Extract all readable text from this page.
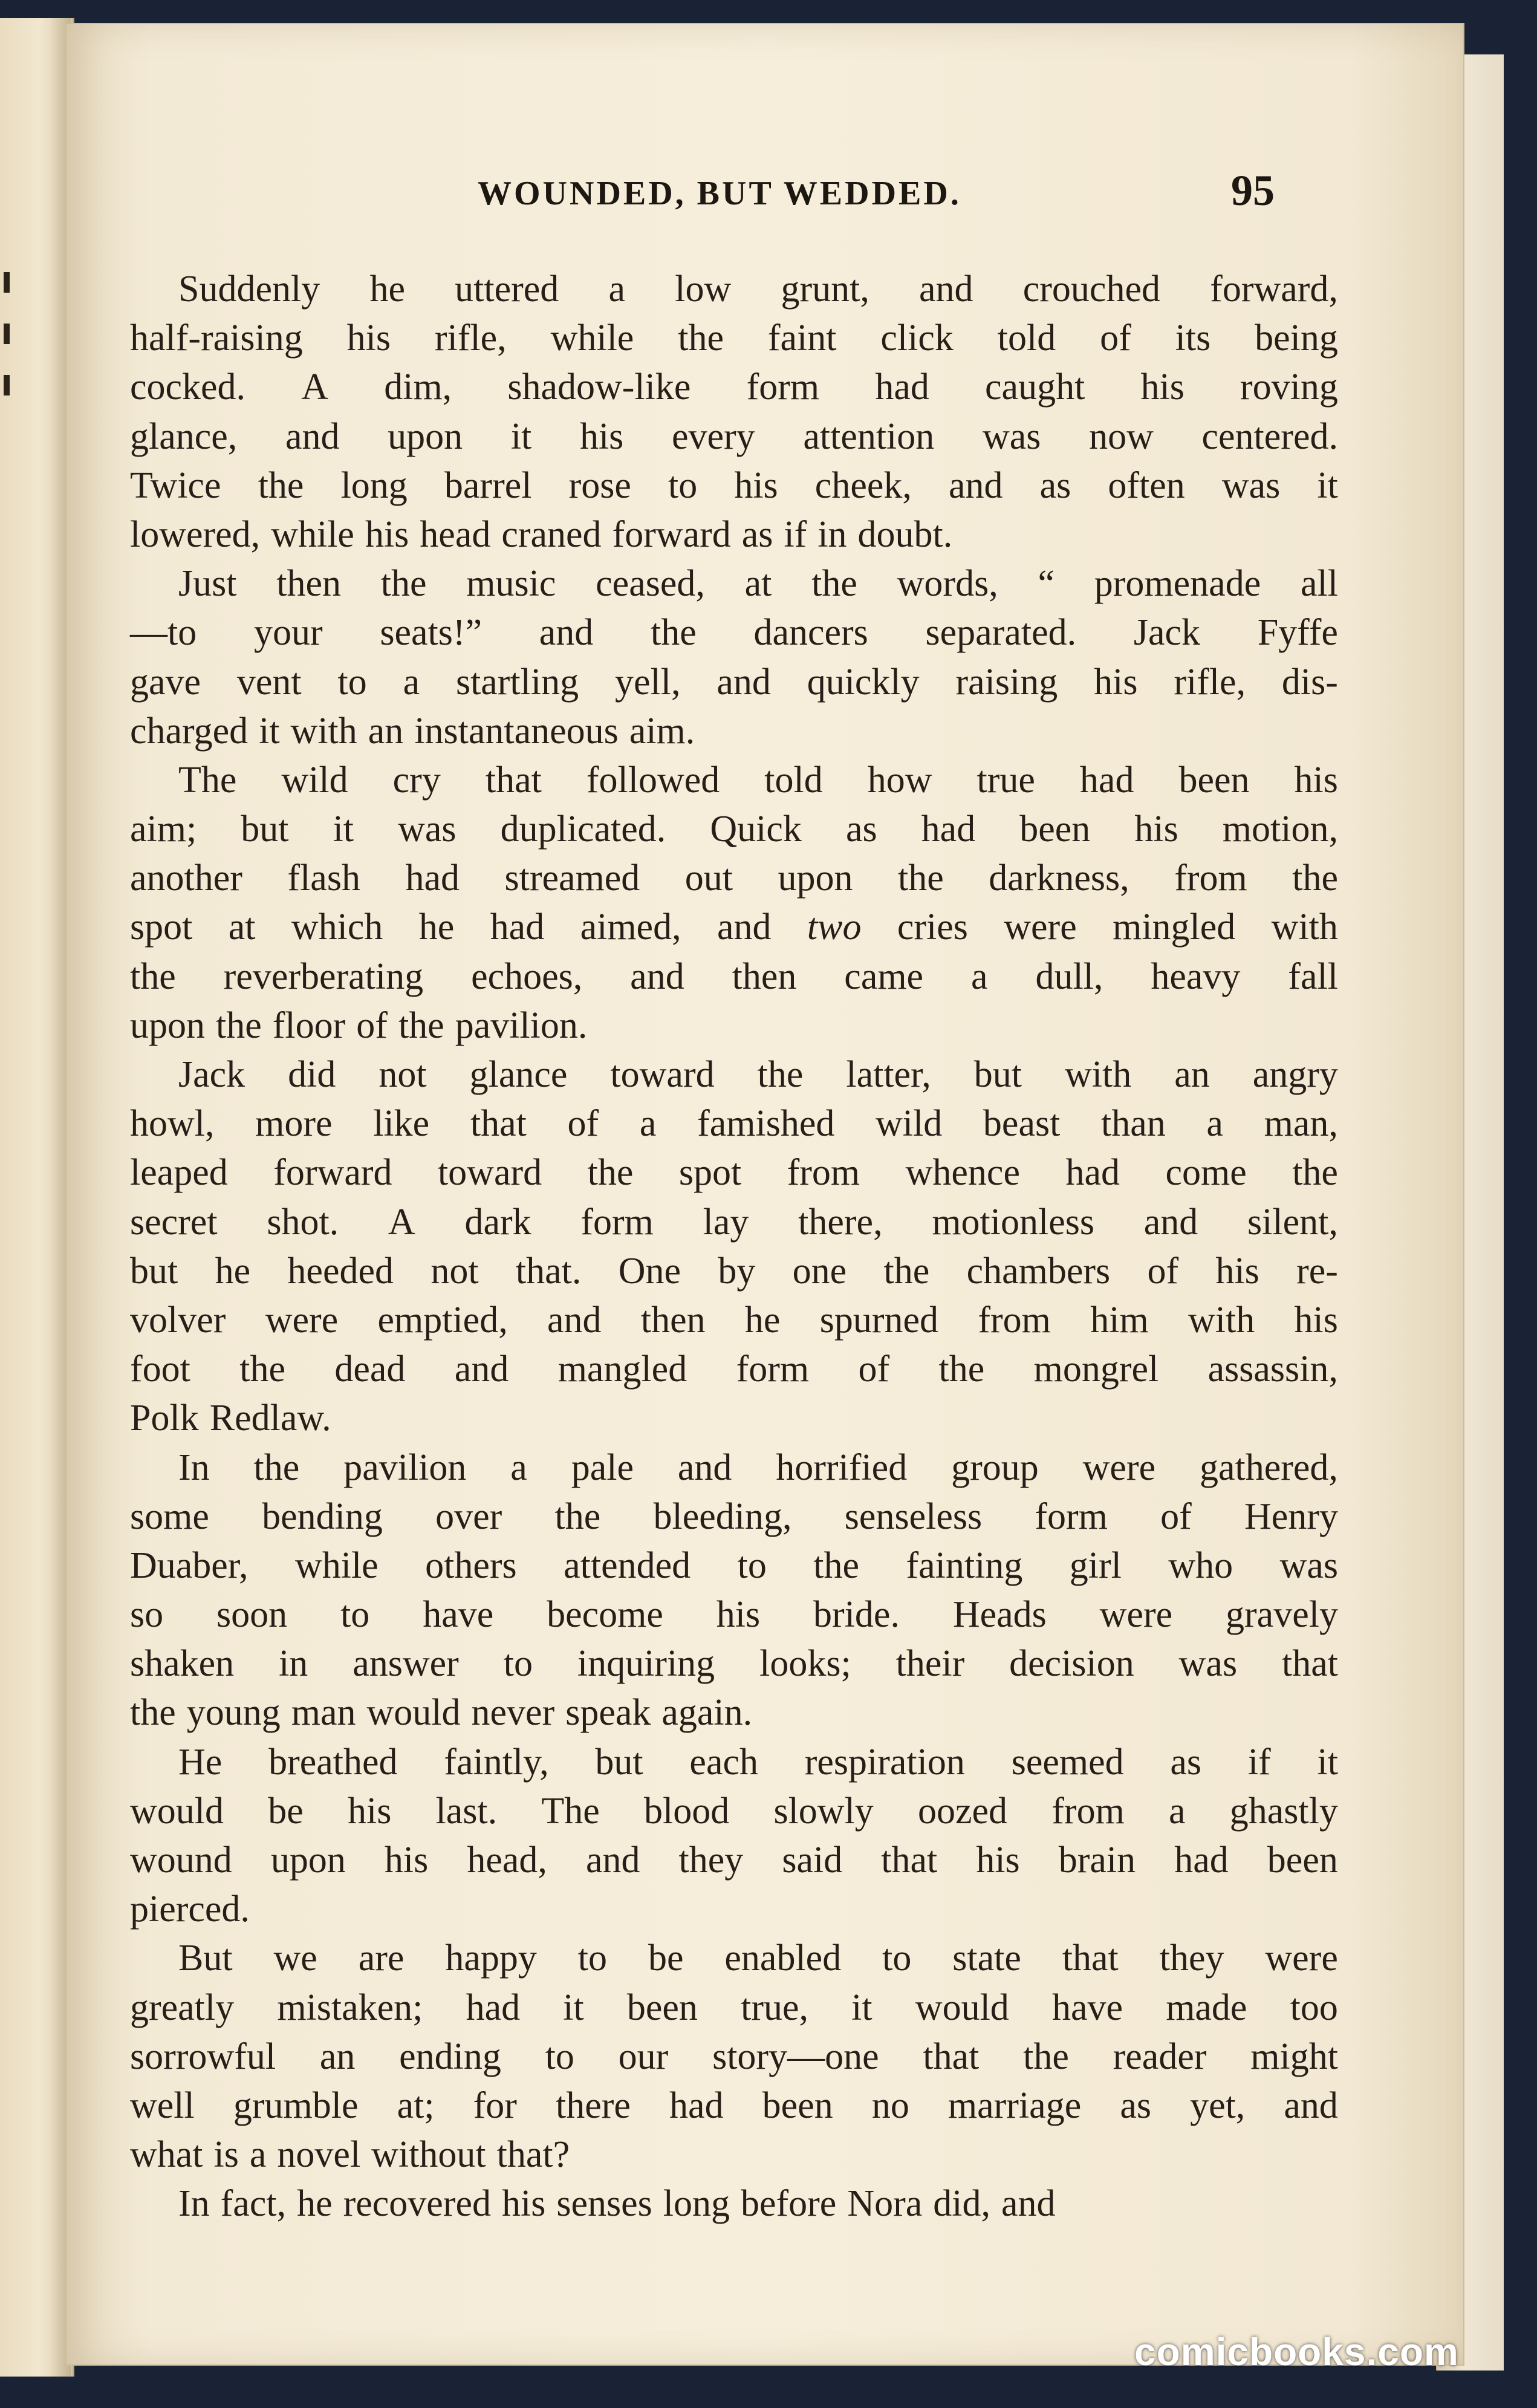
WOUNDED, BUT WEDDED.	95
Suddenly he uttered a low grunt, and crouched forward,
half-raising his rifle, while the faint click told of its being
cocked. A dim, shadow-like form had caught his roving
glance, and upon it his every attention was now centered.
Twice the long barrel rose to his cheek, and as often was it
lowered, while his head craned forward as if in doubt.
Just then the music ceased, at the words, “ promenade all
—to your seats!” and the dancers separated. Jack Fyffe
gave vent to a startling yell, and quickly raising his rifle, dis-
charged it with an instantaneous aim.
The wild cry that followed told how true had been his
aim; but it was duplicated. Quick as had been his motion,
another flash had streamed out upon the darkness, from the
spot at which he had aimed, and two cries were mingled with
the reverberating echoes, and then came a dull, heavy fall
upon the floor of the pavilion.
Jack did not glance toward the latter, but with an angry
howl, more like that of a famished wild beast than a man,
leaped forward toward the spot from whence had come the
secret shot. A dark form lay there, motionless and silent,
but he heeded not that. One by one the chambers of his re-
volver were emptied, and then he spurned from him with his
foot the dead and mangled form of the mongrel assassin,
Polk Redlaw.
In the pavilion a pale and horrified group were gathered,
some bending over the bleeding, senseless form of Henry
Duaber, while others attended to the fainting girl who was
so soon to have become his bride. Heads were gravely
shaken in answer to inquiring looks; their decision was that
the young man would never speak again.
He breathed faintly, but each respiration seemed as if it
would be his last. The blood slowly oozed from a ghastly
wound upon his head, and they said that his brain had been
pierced.
But we are happy to be enabled to state that they were
greatly mistaken; had it been true, it would have made too
sorrowful an ending to our story—one that the reader might
well grumble at; for there had been no marriage as yet, and
what is a novel without that?
In fact, he recovered his senses long before Nora did, and
comicbooks.com
